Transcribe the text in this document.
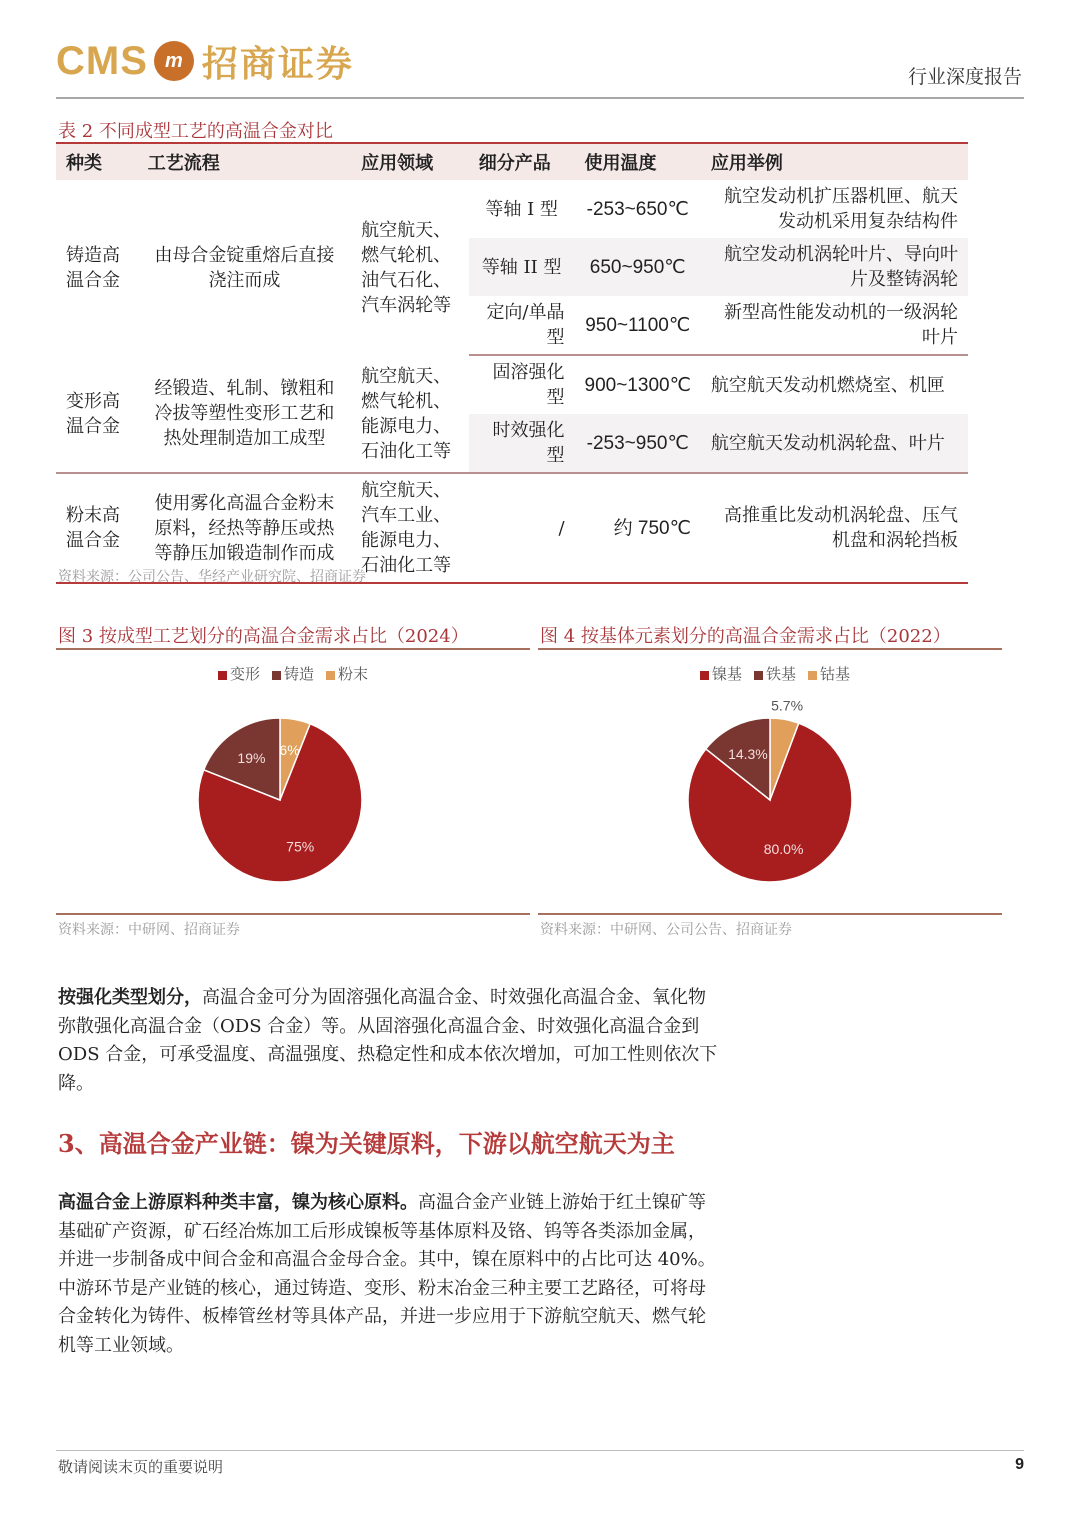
CMS m 招商证券	行业深度报告
表 2 不同成型工艺的高温合金对比
种类	工艺流程	应用领域	细分产品	使用温度	应用举例
铸造高温合金	由母合金锭重熔后直接浇注而成	航空航天、燃气轮机、油气石化、汽车涡轮等	等轴 I 型	-253~650℃	航空发动机扩压器机匣、航天发动机采用复杂结构件
			等轴 II 型	650~950℃	航空发动机涡轮叶片、导向叶片及整铸涡轮
			定向/单晶型	950~1100℃	新型高性能发动机的一级涡轮叶片
变形高温合金	经锻造、轧制、镦粗和冷拔等塑性变形工艺和热处理制造加工成型	航空航天、燃气轮机、能源电力、石油化工等	固溶强化型	900~1300℃	航空航天发动机燃烧室、机匣
			时效强化型	-253~950℃	航空航天发动机涡轮盘、叶片
粉末高温合金	使用雾化高温合金粉末原料，经热等静压或热等静压加锻造制作而成	航空航天、汽车工业、能源电力、石油化工等	/	约 750℃	高推重比发动机涡轮盘、压气机盘和涡轮挡板
资料来源：公司公告、华经产业研究院、招商证券
图 3 按成型工艺划分的高温合金需求占比（2024）
变形	铸造	粉末
6%
75%
19%
资料来源：中研网、招商证券
图 4 按基体元素划分的高温合金需求占比（2022）
镍基	铁基	钴基
5.7%
80.0%
14.3%
资料来源：中研网、公司公告、招商证券
按强化类型划分，高温合金可分为固溶强化高温合金、时效强化高温合金、氧化物弥散强化高温合金（ODS 合金）等。从固溶强化高温合金、时效强化高温合金到 ODS 合金，可承受温度、高温强度、热稳定性和成本依次增加，可加工性则依次下降。
3、高温合金产业链：镍为关键原料，下游以航空航天为主
高温合金上游原料种类丰富，镍为核心原料。高温合金产业链上游始于红土镍矿等基础矿产资源，矿石经冶炼加工后形成镍板等基体原料及铬、钨等各类添加金属，并进一步制备成中间合金和高温合金母合金。其中，镍在原料中的占比可达 40%。中游环节是产业链的核心，通过铸造、变形、粉末冶金三种主要工艺路径，可将母合金转化为铸件、板棒管丝材等具体产品，并进一步应用于下游航空航天、燃气轮机等工业领域。
敬请阅读末页的重要说明	9
